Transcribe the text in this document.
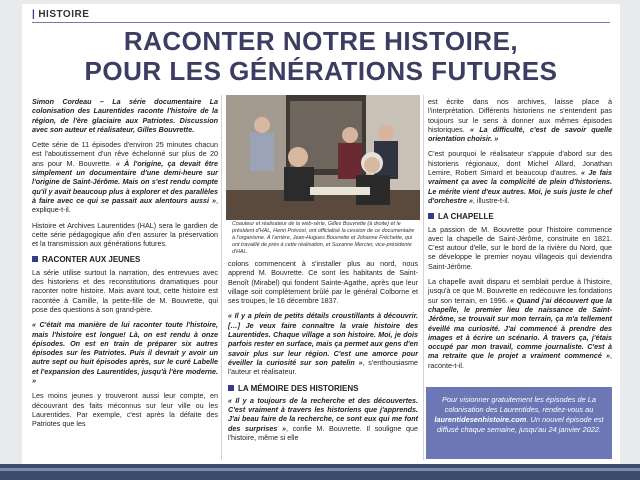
| HISTOIRE
RACONTER NOTRE HISTOIRE,
POUR LES GÉNÉRATIONS FUTURES

Simon Cordeau – La série documentaire La colonisation des Laurentides raconte l'histoire de la région, de l'ère glaciaire aux Patriotes. Discussion avec son auteur et réalisateur, Gilles Bouvrette.

Cette série de 11 épisodes d'environ 25 minutes chacun est l'aboutissement d'un rêve échelonné sur plus de 20 ans pour M. Bouvrette. « À l'origine, ça devait être simplement un documentaire d'une demi-heure sur l'origine de Saint-Jérôme. Mais on s'est rendu compte qu'il y avait beaucoup plus à explorer et des parallèles à faire avec ce qui se passait aux alentours aussi », explique-t-il.

Histoire et Archives Laurentides (HAL) sera le gardien de cette série pédagogique afin d'en assurer la préservation et la transmission aux générations futures.

RACONTER AUX JEUNES

La série utilise surtout la narration, des entrevues avec des historiens et des reconstitutions dramatiques pour raconter notre histoire. Mais avant tout, cette histoire est racontée à Camille, la petite-fille de M. Bouvrette, qui pose des questions à son grand-père.

« C'était ma manière de lui raconter toute l'histoire, mais l'histoire est longue! Là, on est rendu à onze épisodes. On est en train de préparer six autres épisodes sur les Patriotes. Puis il devrait y avoir un autre sept ou huit épisodes après, sur le curé Labelle et l'expansion des Laurentides, jusqu'à l'ère moderne. »

Les moins jeunes y trouveront aussi leur compte, en découvrant des faits méconnus sur leur ville ou les Laurentides. Par exemple, c'est après la défaite des Patriotes que les

Coauteur et réalisateur de la web-série, Gilles Bouvrette (à droite) et le président d'HAL, Henri Prévost, ont officialisé la cession de ce documentaire à l'organisme. À l'arrière, Jean-Hugues Bouvrette et Johanne Fréchette, qui ont travaillé de près à cette réalisation, et Suzanne Mercier, vice-présidente d'HAL.

colons commencent à s'installer plus au nord, nous apprend M. Bouvrette. Ce sont les habitants de Saint-Benoît (Mirabel) qui fondent Sainte-Agathe, après que leur village soit complètement brûlé par le général Colborne et ses troupes, le 16 décembre 1837.

« Il y a plein de petits détails croustillants à découvrir. […] Je veux faire connaître la vraie histoire des Laurentides. Chaque village a son histoire. Moi, je dois parfois rester en surface, mais ça permet aux gens d'en savoir plus sur leur région. C'est une amorce pour éveiller la curiosité sur son patelin », s'enthousiasme l'auteur et réalisateur.

LA MÉMOIRE DES HISTORIENS

« Il y a toujours de la recherche et des découvertes. C'est vraiment à travers les historiens que j'apprends. J'ai beau faire de la recherche, ce sont eux qui me font des surprises », confie M. Bouvrette. Il souligne que l'histoire, même si elle

est écrite dans nos archives, laisse place à l'interprétation. Différents historiens ne s'entendent pas toujours sur le sens à donner aux mêmes épisodes historiques. « La difficulté, c'est de savoir quelle orientation choisir. »

C'est pourquoi le réalisateur s'appuie d'abord sur des historiens régionaux, dont Michel Allard, Jonathan Lemire, Robert Simard et beaucoup d'autres. « Je fais vraiment ça avec la complicité de plein d'historiens. Le mérite vient d'eux autres. Moi, je suis juste le chef d'orchestre », illustre-t-il.

LA CHAPELLE

La passion de M. Bouvrette pour l'histoire commence avec la chapelle de Saint-Jérôme, construite en 1821. C'est autour d'elle, sur le bord de la rivière du Nord, que se développe le premier noyau villageois qui deviendra Saint-Jérôme.

La chapelle avait disparu et semblait perdue à l'histoire, jusqu'à ce que M. Bouvrette en redécouvre les fondations sur son terrain, en 1996. « Quand j'ai découvert que la chapelle, le premier lieu de naissance de Saint-Jérôme, se trouvait sur mon terrain, ça m'a tellement éveillé ma curiosité. J'ai commencé à prendre des images et à écrire un scénario. À travers ça, j'étais occupé par mon travail, comme journaliste. C'est à ma retraite que le projet a vraiment commencé », raconte-t-il.

Pour visionner gratuitement les épisodes de La colonisation des Laurentides, rendez-vous au laurentidesenhistoire.com. Un nouvel épisode est diffusé chaque semaine, jusqu'au 24 janvier 2022.
